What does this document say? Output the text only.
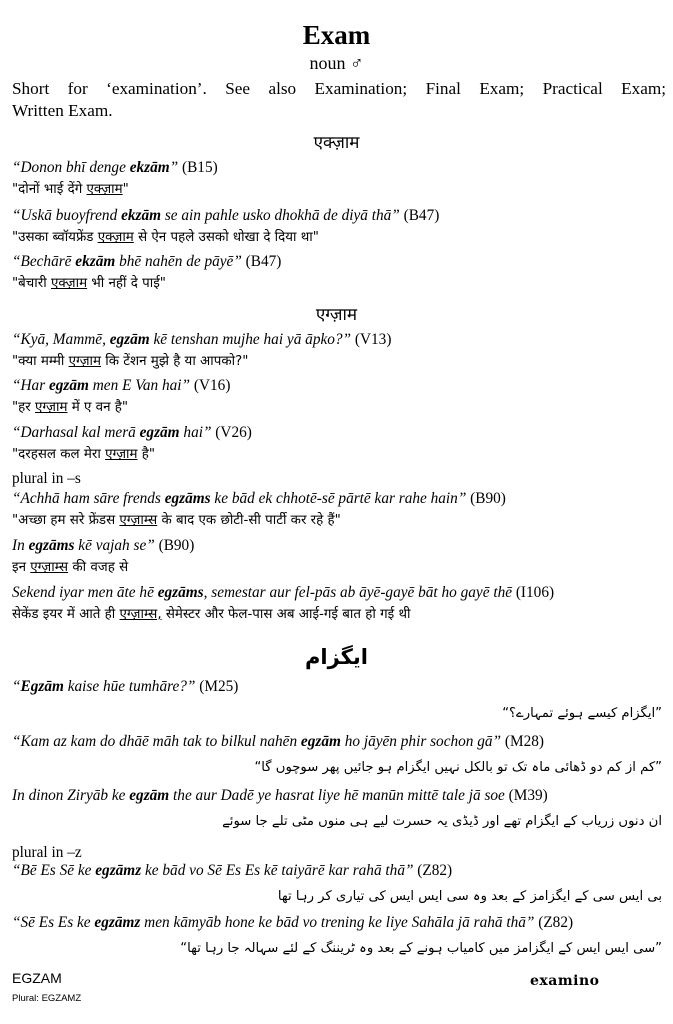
Exam
noun ♂
Short for ‘examination’. See also Examination; Final Exam; Practical Exam;
Written Exam.
एक्ज़ाम
“Donon bhī denge ekzām” (B15)
"दोनों भाई देंगे एक्ज़ाम"
“Uskā buoyfrend ekzām se ain pahle usko dhokhā de diyā thā” (B47)
"उसका ब्वॉयफ्रेंड एक्ज़ाम से ऐन पहले उसको धोखा दे दिया था"
“Bechārē ekzām bhē nahēn de pāyē” (B47)
"बेचारी एक्ज़ाम भी नहीं दे पाई"
एग्ज़ाम
“Kyā, Mammē, egzām kē tenshan mujhe hai yā āpko?” (V13)
"क्या मम्मी एग्ज़ाम कि टेंशन मुझे है या आपको?"
“Har egzām men E Van hai” (V16)
"हर एग्ज़ाम में ए वन है"
“Darhasal kal merā egzām hai” (V26)
"दरहसल कल मेरा एग्ज़ाम है"
plural in –s
“Achhā ham sāre frends egzāms ke bād ek chhotē-sē pārtē kar rahe hain” (B90)
"अच्छा हम सरे फ्रेंडस एग्ज़ाम्स के बाद एक छोटी-सी पार्टी कर रहे हैं"
In egzāms kē vajah se” (B90)
इन एग्ज़ाम्स की वजह से
Sekend iyar men āte hē egzāms, semestar aur fel-pās ab āyē-gayē bāt ho gayē thē (I106)
सेकेंड इयर में आते ही एग्ज़ाम्स, सेमेस्टर और फेल-पास अब आई-गई बात हो गई थी
ایگزام
“Egzām kaise hūe tumhāre?” (M25)
”ایگزام کیسے ہوئے تمہارے؟“
“Kam az kam do dhāē māh tak to bilkul nahēn egzām ho jāyēn phir sochon gā” (M28)
”کم از کم دو ڈھائی ماہ تک تو بالکل نہیں ایگزام ہو جائیں پھر سوچوں گا“
In dinon Ziryāb ke egzām the aur Dadē ye hasrat liye hē manūn mittē tale jā soe (M39)
ان دنوں زریاب کے ایگزام تھے اور ڈیڈی یہ حسرت لیے ہی منوں مٹی تلے جا سوئے
plural in –z
“Bē Es Sē ke egzāmz ke bād vo Sē Es Es kē taiyārē kar rahā thā” (Z82)
بی ایس سی کے ایگزامز کے بعد وہ سی ایس ایس کی تیاری کر رہا تھا
“Sē Es Es ke egzāmz men kāmyāb hone ke bād vo trening ke liye Sahāla jā rahā thā” (Z82)
”سی ایس ایس کے ایگزامز میں کامیاب ہونے کے بعد وہ ٹریننگ کے لئے سہالہ جا رہا تھا“
EGZAM
Plural: EGZAMZ
examino
